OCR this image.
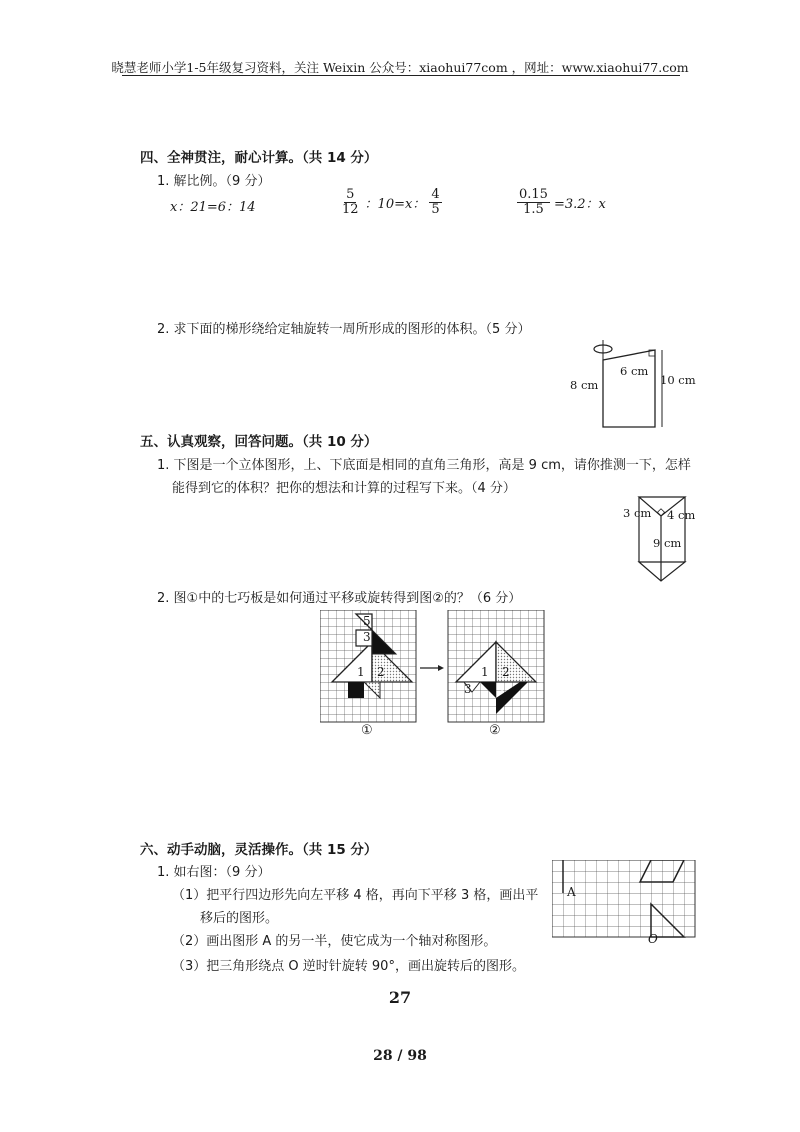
晓慧老师小学1-5年级复习资料，关注 Weixin 公众号：xiaohui77com ，网址：www.xiaohui77.com
四、全神贯注，耐心计算。（共 14 分）
1. 解比例。（9 分）
x：21=6：14	$\frac{5}{12}$ ：10=x： $\frac{4}{5}$	$\frac{0.15}{1.5} =3.2$：x
2. 求下面的梯形绕给定轴旋转一周所形成的图形的体积。（5 分）
6 cm
8 cm	10 cm
五、认真观察，回答问题。（共 10 分）
1. 下图是一个立体图形，上、下底面是相同的直角三角形，高是 9 cm，请你推测一下，怎样
能得到它的体积？把你的想法和计算的过程写下来。（4 分）
3 cm 4 cm
9 cm
2. 图①中的七巧板是如何通过平移或旋转得到图②的？（6 分）
5
3
1 2	1 2
3 5
①	②
六、动手动脑，灵活操作。（共 15 分）
1. 如右图：（9 分）
（1）把平行四边形先向左平移 4 格，再向下平移 3 格，画出平
移后的图形。
（2）画出图形 A 的另一半，使它成为一个轴对称图形。
（3）把三角形绕点 O 逆时针旋转 90°，画出旋转后的图形。
A
O
27
28 / 98
